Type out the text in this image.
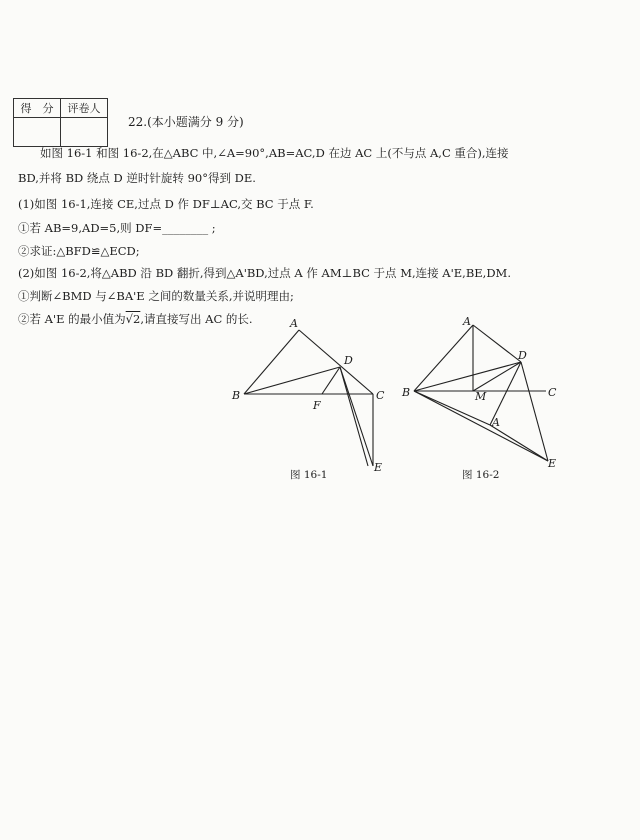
得　分	评卷人

22.(本小题满分 9 分)
如图 16-1 和图 16-2,在△ABC 中,∠A=90°,AB=AC,D 在边 AC 上(不与点 A,C 重合),连接
BD,并将 BD 绕点 D 逆时针旋转 90°得到 DE.
(1)如图 16-1,连接 CE,过点 D 作 DF⊥AC,交 BC 于点 F.
①若 AB=9,AD=5,则 DF=________ ;
②求证:△BFD≌△ECD;
(2)如图 16-2,将△ABD 沿 BD 翻折,得到△A'BD,过点 A 作 AM⊥BC 于点 M,连接 A'E,BE,DM.
①判断∠BMD 与∠BA'E 之间的数量关系,并说明理由;
②若 A'E 的最小值为√2,请直接写出 AC 的长.	A
B	C
D
E
F
图 16-1
A
B	C
D
E
M
A
图 16-2
